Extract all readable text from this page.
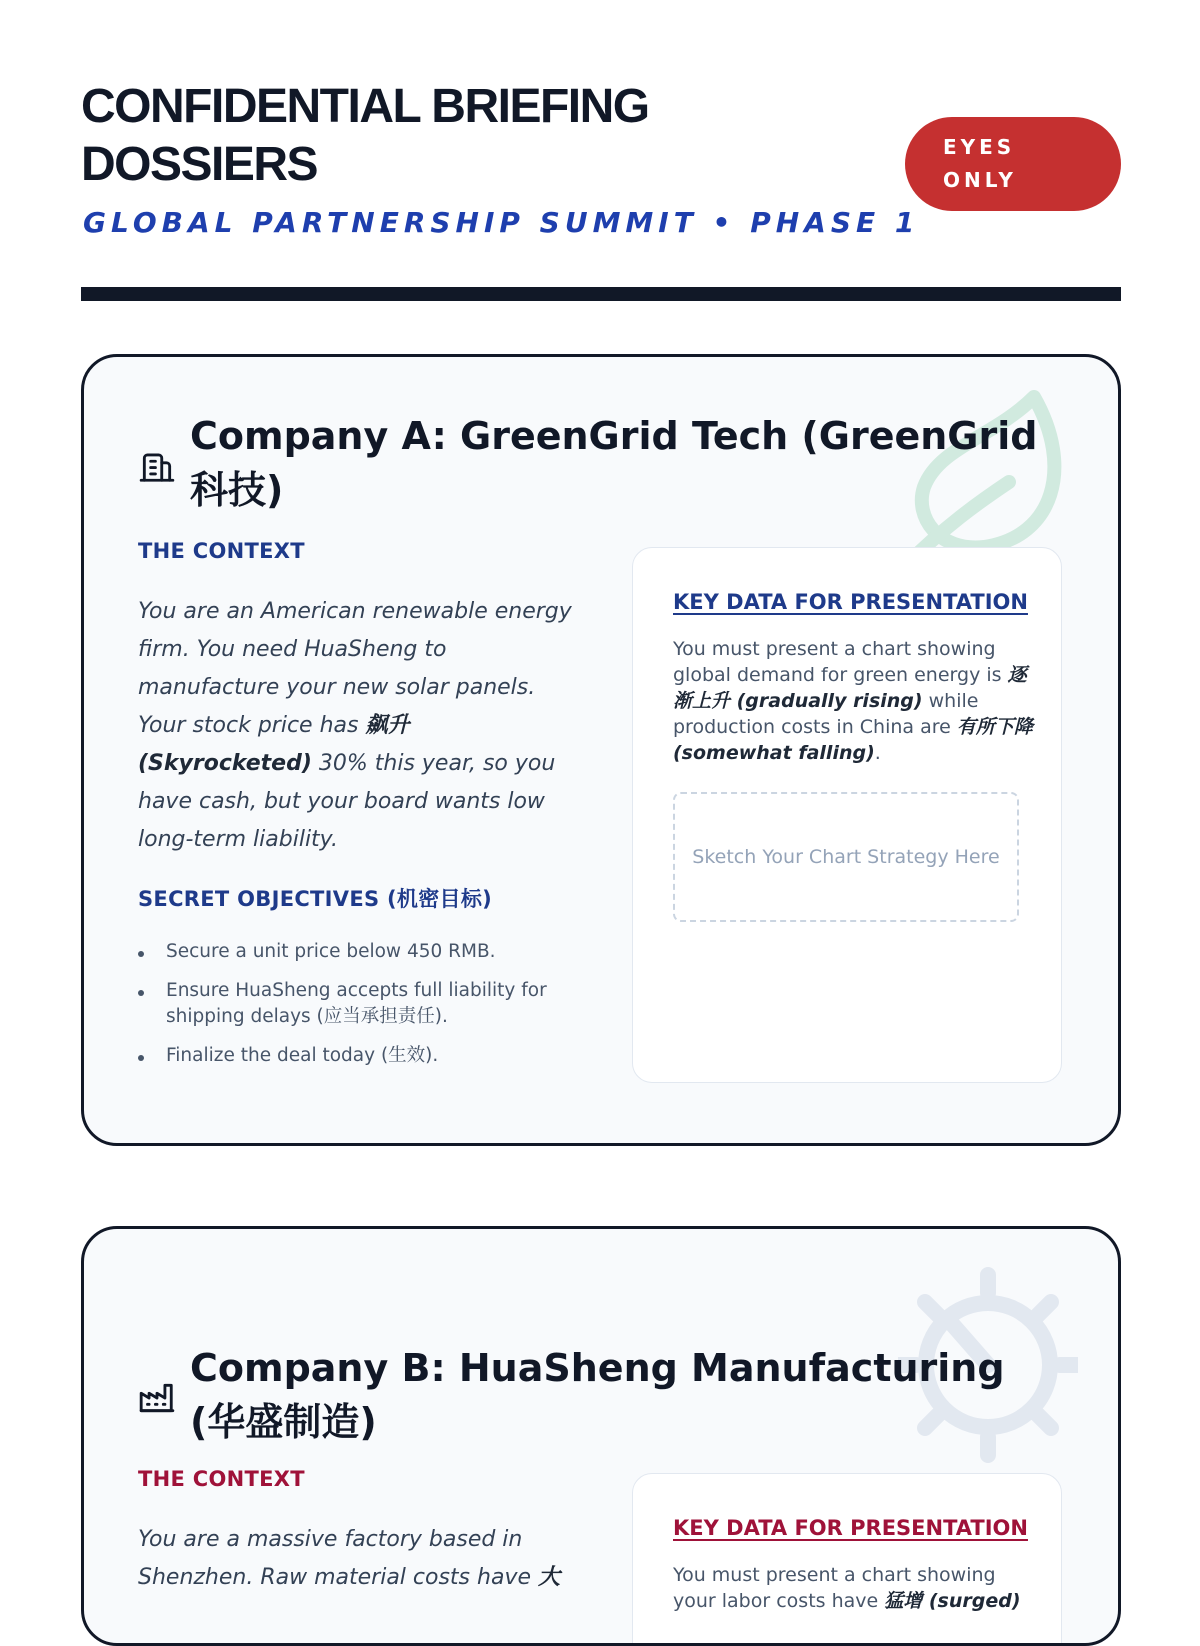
CONFIDENTIAL BRIEFING DOSSIERS
GLOBAL PARTNERSHIP SUMMIT • PHASE 1
EYES
ONLY
Company A: GreenGrid Tech (GreenGrid 科技)
THE CONTEXT

You are an American renewable energy firm. You need HuaSheng to manufacture your new solar panels. Your stock price has 飙升 (Skyrocketed) 30% this year, so you have cash, but your board wants low long-term liability.

SECRET OBJECTIVES (机密目标)
Secure a unit price below 450 RMB.
Ensure HuaSheng accepts full liability for shipping delays (应当承担责任).
Finalize the deal today (生效).
KEY DATA FOR PRESENTATION

You must present a chart showing global demand for green energy is 逐渐上升 (gradually rising) while production costs in China are 有所下降 (somewhat falling).

Sketch Your Chart Strategy Here
Company B: HuaSheng Manufacturing (华盛制造)
THE CONTEXT

You are a massive factory based in Shenzhen. Raw material costs have 大

KEY DATA FOR PRESENTATION

You must present a chart showing your labor costs have 猛增 (surged)
